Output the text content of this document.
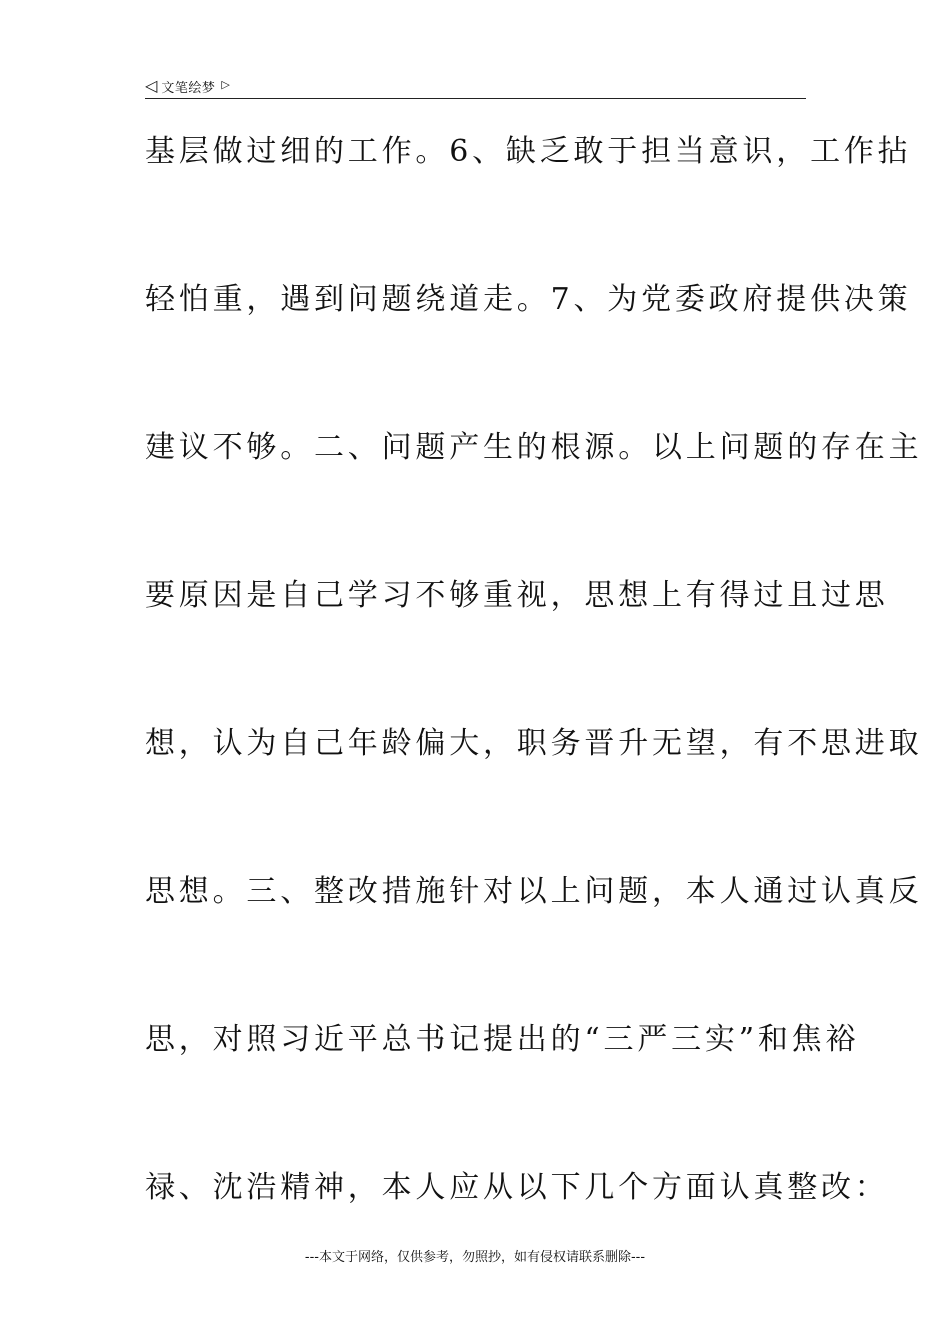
◁ 文笔绘梦 ▷
基层做过细的工作。6、缺乏敢于担当意识，工作拈
轻怕重，遇到问题绕道走。7、为党委政府提供决策
建议不够。二、问题产生的根源。以上问题的存在主
要原因是自己学习不够重视，思想上有得过且过思
想，认为自己年龄偏大，职务晋升无望，有不思进取
思想。三、整改措施针对以上问题，本人通过认真反
思，对照习近平总书记提出的“三严三实”和焦裕
禄、沈浩精神，本人应从以下几个方面认真整改：
---本文于网络，仅供参考，勿照抄，如有侵权请联系删除---
